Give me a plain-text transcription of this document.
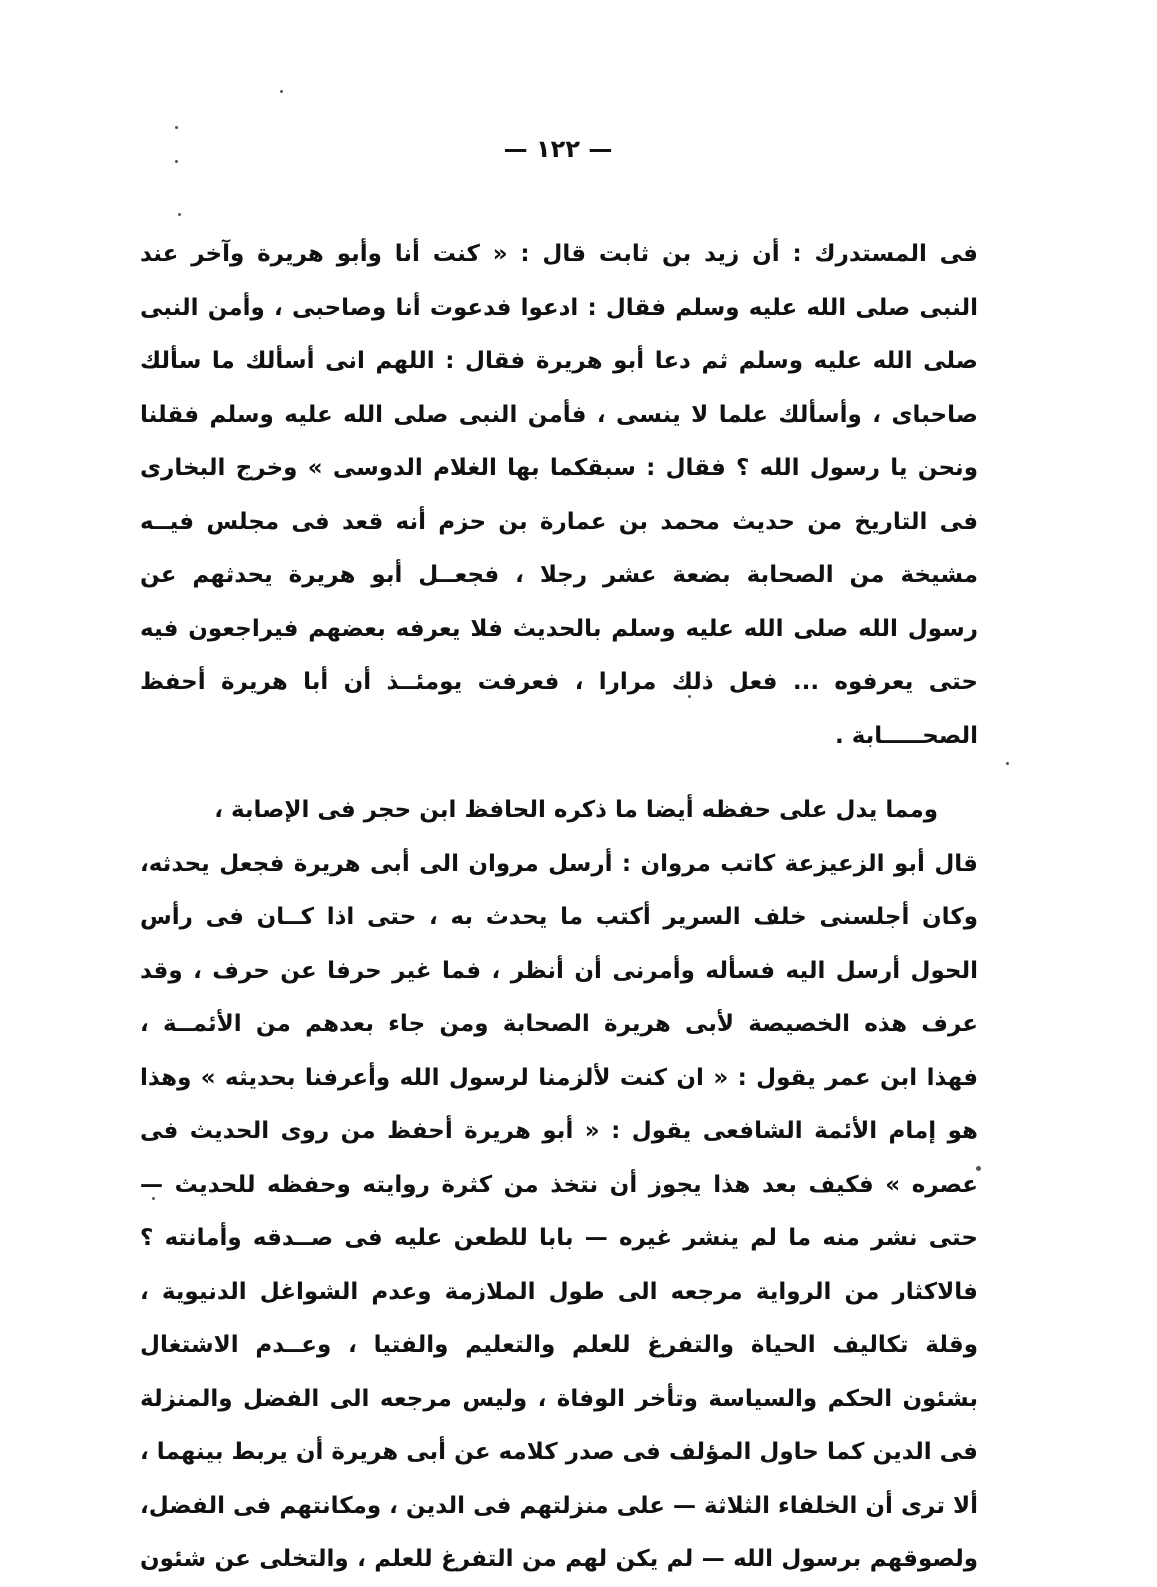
— ١٢٢ —
فى المستدرك : أن زيد بن ثابت قال : « كنت أنا وأبو هريرة وآخر عند
النبى صلى الله عليه وسلم فقال : ادعوا فدعوت أنا وصاحبى ، وأمن النبى
صلى الله عليه وسلم ثم دعا أبو هريرة فقال : اللهم انى أسألك ما سألك
صاحباى ، وأسألك علما لا ينسى ، فأمن النبى صلى الله عليه وسلم فقلنا
ونحن يا رسول الله ؟ فقال : سبقكما بها الغلام الدوسى » وخرج البخارى
فى التاريخ من حديث محمد بن عمارة بن حزم أنه قعد فى مجلس فيــه
مشيخة من الصحابة بضعة عشر رجلا ، فجعــل أبو هريرة يحدثهم عن
رسول الله صلى الله عليه وسلم بالحديث فلا يعرفه بعضهم فيراجعون فيه
حتى يعرفوه ... فعل ذلك مرارا ، فعرفت يومئــذ أن أبا هريرة أحفظ
الصحـــــابة .
ومما يدل على حفظه أيضا ما ذكره الحافظ ابن حجر فى الإصابة ،
قال أبو الزعيزعة كاتب مروان : أرسل مروان الى أبى هريرة فجعل يحدثه،
وكان أجلسنى خلف السرير أكتب ما يحدث به ، حتى اذا كــان فى رأس
الحول أرسل اليه فسأله وأمرنى أن أنظر ، فما غير حرفا عن حرف ، وقد
عرف هذه الخصيصة لأبى هريرة الصحابة ومن جاء بعدهم من الأئمــة ،
فهذا ابن عمر يقول : « ان كنت لألزمنا لرسول الله وأعرفنا بحديثه » وهذا
هو إمام الأئمة الشافعى يقول : « أبو هريرة أحفظ من روى الحديث فى
عصره » فكيف بعد هذا يجوز أن نتخذ من كثرة روايته وحفظه للحديث —
حتى نشر منه ما لم ينشر غيره — بابا للطعن عليه فى صــدقه وأمانته ؟
فالاكثار من الرواية مرجعه الى طول الملازمة وعدم الشواغل الدنيوية ،
وقلة تكاليف الحياة والتفرغ للعلم والتعليم والفتيا ، وعــدم الاشتغال
بشئون الحكم والسياسة وتأخر الوفاة ، وليس مرجعه الى الفضل والمنزلة
فى الدين كما حاول المؤلف فى صدر كلامه عن أبى هريرة أن يربط بينهما ،
ألا ترى أن الخلفاء الثلاثة — على منزلتهم فى الدين ، ومكانتهم فى الفضل،
ولصوقهم برسول الله — لم يكن لهم من التفرغ للعلم ، والتخلى عن شئون
